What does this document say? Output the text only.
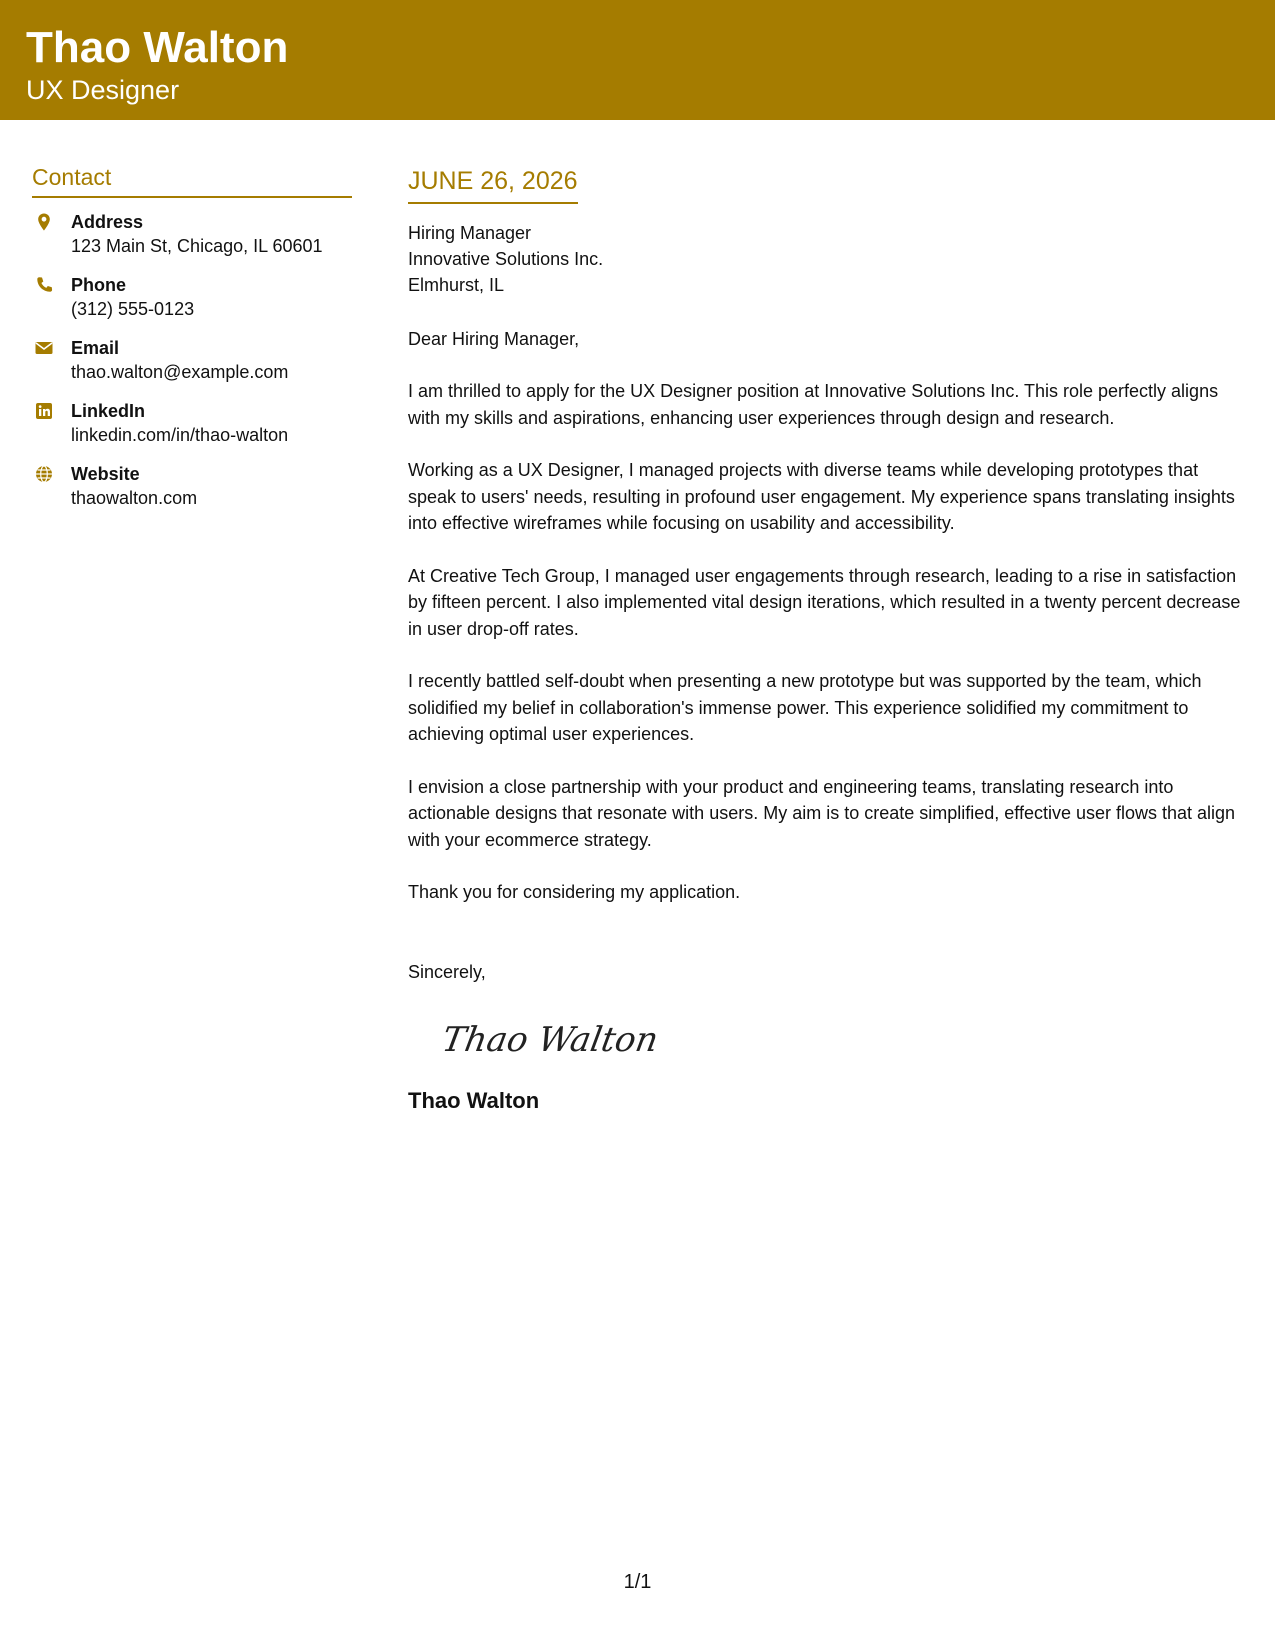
Thao Walton
UX Designer
Contact
Address
123 Main St, Chicago, IL 60601
Phone
(312) 555-0123
Email
thao.walton@example.com
LinkedIn
linkedin.com/in/thao-walton
Website
thaowalton.com
JUNE 26, 2026
Hiring Manager
Innovative Solutions Inc.
Elmhurst, IL
Dear Hiring Manager,
I am thrilled to apply for the UX Designer position at Innovative Solutions Inc. This role perfectly aligns with my skills and aspirations, enhancing user experiences through design and research.
Working as a UX Designer, I managed projects with diverse teams while developing prototypes that speak to users' needs, resulting in profound user engagement. My experience spans translating insights into effective wireframes while focusing on usability and accessibility.
At Creative Tech Group, I managed user engagements through research, leading to a rise in satisfaction by fifteen percent. I also implemented vital design iterations, which resulted in a twenty percent decrease in user drop-off rates.
I recently battled self-doubt when presenting a new prototype but was supported by the team, which solidified my belief in collaboration's immense power. This experience solidified my commitment to achieving optimal user experiences.
I envision a close partnership with your product and engineering teams, translating research into actionable designs that resonate with users. My aim is to create simplified, effective user flows that align with your ecommerce strategy.
Thank you for considering my application.
Sincerely,
Thao Walton
Thao Walton
1/1
